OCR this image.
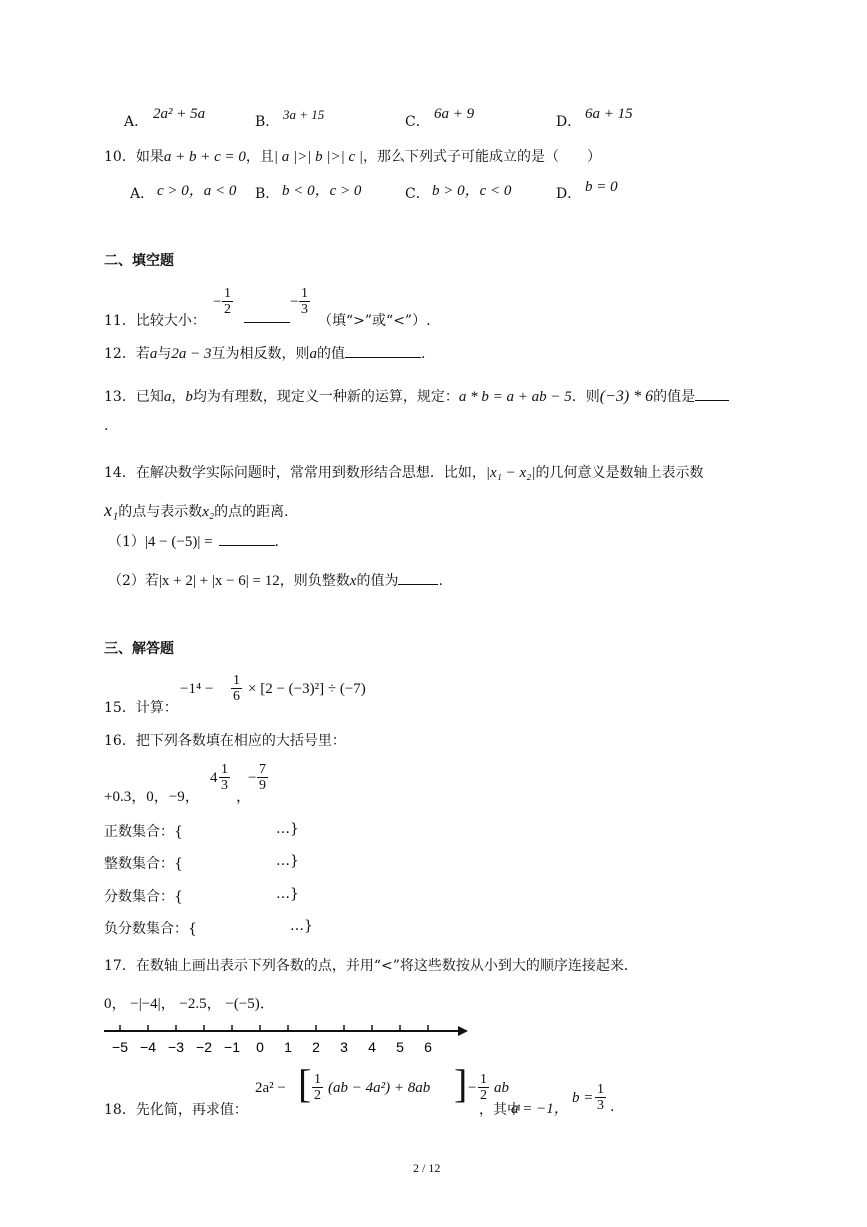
A． 2a² + 5a	B． 3a + 15	C． 6a + 9	D． 6a + 15
10．如果a + b + c = 0，且| a |>| b |>| c |，那么下列式子可能成立的是（　　）
A． c > 0，a < 0 B． b < 0，c > 0	C． b > 0，c < 0	D． b = 0
二、填空题
11．比较大小：
− $\frac{1}{2}$	− $\frac{1}{3}$
（填“>”或“<”）.
12．若a与2a − 3互为相反数，则a的值	.
13．已知a，b均为有理数，现定义一种新的运算，规定：a * b = a + ab − 5．则(−3) * 6的值是
.
14．在解决数学实际问题时，常常用到数形结合思想．比如，|x₁ − x₂|的几何意义是数轴上表示数
x₁的点与表示数x₂的点的距离．
（1）|4 − (−5)| =	.
（2）若|x + 2| + |x − 6| = 12，则负整数x的值为	.
三、解答题
15．计算：
$-1^4 - \frac{1}{6} \times [2 - (-3)^2] \div (-7)$
16．把下列各数填在相应的大括号里：
+0.3，0，−9，
$4 \frac{1}{3}$
，
− $\frac{7}{9}$
正数集合：{	…}
整数集合：{	…}
分数集合：{	…}
负分数集合：{	…}
17．在数轴上画出表示下列各数的点，并用“<”将这些数按从小到大的顺序连接起来．
0， −|−4|， −2.5， −(−5)．
−5 −4 −3 −2 −1 0 1 2 3 4 5 6
18．先化简，再求值：
2a² − [ $\frac{1}{2} (ab - 4a^2) + 8ab$ ] − $\frac{1}{2}$ ab
，其中
a = −1，
$b = \frac{1}{3}$ .
2 / 12
